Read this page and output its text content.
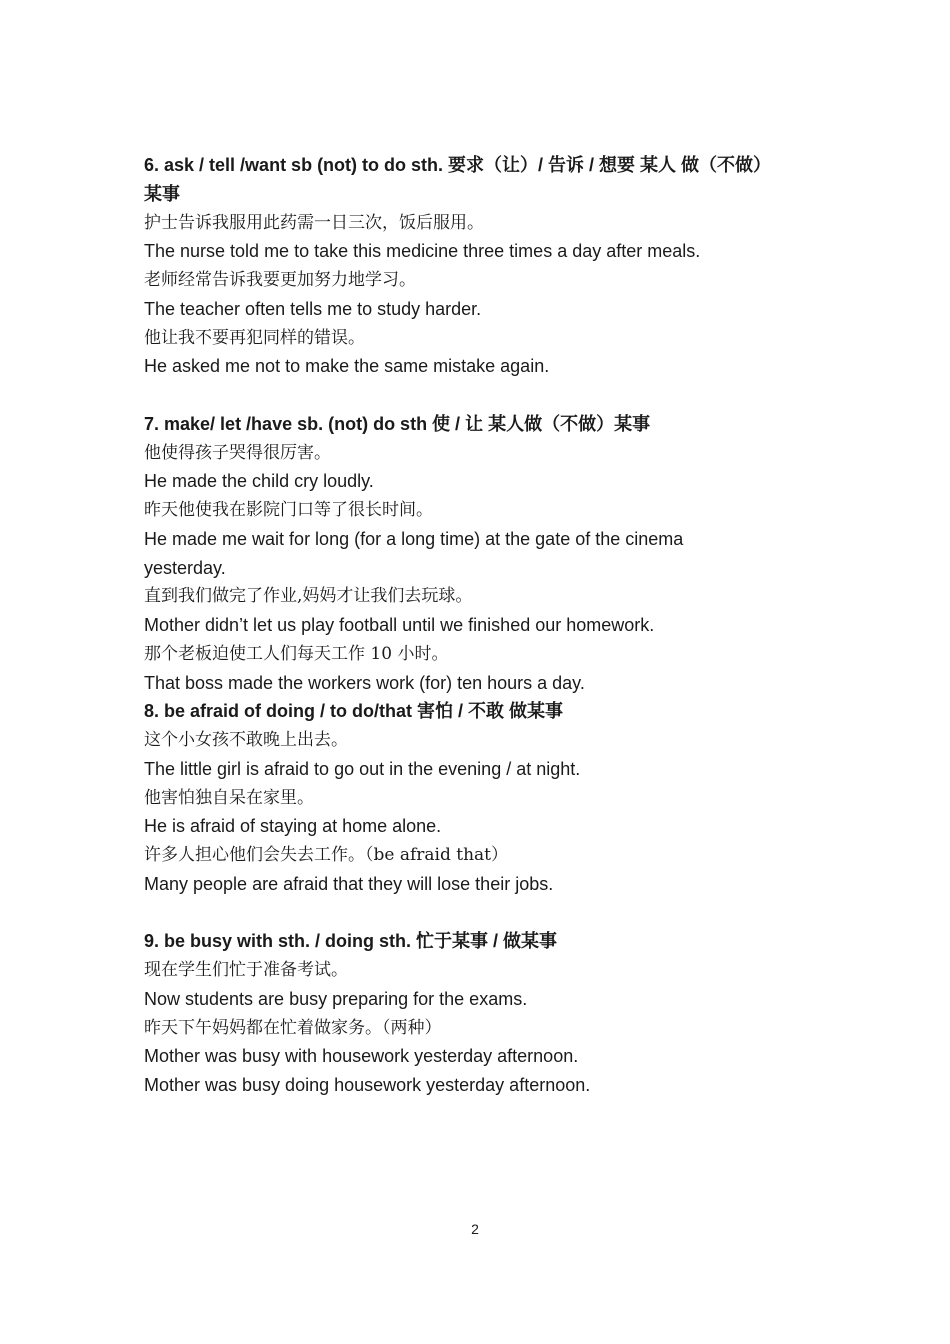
6. ask / tell /want sb (not) to do sth. 要求（让）/ 告诉 / 想要 某人 做（不做）
某事
护士告诉我服用此药需一日三次，饭后服用。
The nurse told me to take this medicine three times a day after meals.
老师经常告诉我要更加努力地学习。
The teacher often tells me to study harder.
他让我不要再犯同样的错误。
He asked me not to make the same mistake again.
7. make/ let /have sb. (not) do sth 使 / 让 某人做（不做）某事
他使得孩子哭得很厉害。
He made the child cry loudly.
昨天他使我在影院门口等了很长时间。
He made me wait for long (for a long time) at the gate of the cinema
yesterday.
直到我们做完了作业,妈妈才让我们去玩球。
Mother didn’t let us play football until we finished our homework.
那个老板迫使工人们每天工作 10 小时。
That boss made the workers work (for) ten hours a day.
8. be afraid of doing / to do/that 害怕 / 不敢 做某事
这个小女孩不敢晚上出去。
The little girl is afraid to go out in the evening / at night.
他害怕独自呆在家里。
He is afraid of staying at home alone.
许多人担心他们会失去工作。（be afraid that）
Many people are afraid that they will lose their jobs.
9. be busy with sth. / doing sth. 忙于某事 / 做某事
现在学生们忙于准备考试。
Now students are busy preparing for the exams.
昨天下午妈妈都在忙着做家务。（两种）
Mother was busy with housework yesterday afternoon.
Mother was busy doing housework yesterday afternoon.
2
